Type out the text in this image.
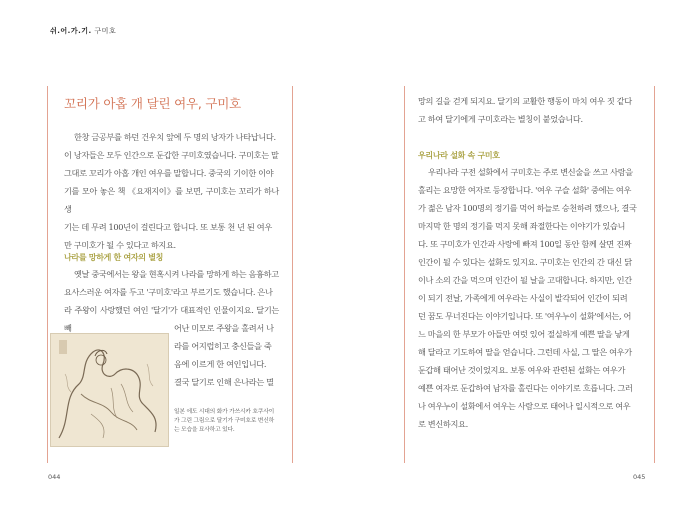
쉬.어.가.기. 구미호
꼬리가 아홉 개 달린 여우, 구미호

한창 금공부를 하던 건우치 앞에 두 명의 낭자가 나타납니다.

이 낭자들은 모두 인간으로 둔갑한 구미호였습니다. 구미호는 말

그대로 꼬리가 아홉 개인 여우를 말합니다. 중국의 기이한 이야

기를 모아 놓은 책 《요재지이》를 보면, 구미호는 꼬리가 하나 생

기는 데 무려 100년이 걸린다고 합니다. 또 보통 천 년 된 여우

만 구미호가 될 수 있다고 하지요.

나라를 망하게 한 여자의 별칭

옛날 중국에서는 왕을 현혹시켜 나라를 망하게 하는 음흉하고

요사스러운 여자를 두고 '구미호'라고 부르기도 했습니다. 은나

라 주왕이 사랑했던 여인 '달기'가 대표적인 인물이지요. 달기는 빼	어난 미모로 주왕을 홀려서 나

라를 어지럽히고 충신들을 죽

음에 이르게 한 여인입니다.

결국 달기로 인해 은나라는 멸

일본 에도 시대의 화가 가쓰시카 호쿠사이가 그린 그림으로 달기가 구미호로 변신하는 모습을 묘사하고 있다.
044

망의 길을 걷게 되지요. 달기의 교활한 행동이 마치 여우 짓 같다

고 하여 달기에게 구미호라는 별칭이 붙었습니다.

우리나라 설화 속 구미호

우리나라 구전 설화에서 구미호는 주로 변신술을 쓰고 사람을

홀리는 요망한 여자로 등장합니다. '여우 구슬 설화' 중에는 여우

가 젊은 남자 100명의 정기를 먹어 하늘로 승천하려 했으나, 결국

마지막 한 명의 정기를 먹지 못해 좌절한다는 이야기가 있습니

다. 또 구미호가 인간과 사랑에 빠져 100일 동안 함께 살면 진짜

인간이 될 수 있다는 설화도 있지요. 구미호는 인간의 간 대신 닭

이나 소의 간을 먹으며 인간이 될 날을 고대합니다. 하지만, 인간

이 되기 전날, 가족에게 여우라는 사실이 발각되어 인간이 되려

던 꿈도 무너진다는 이야기입니다. 또 '여우누이 설화'에서는, 어

느 마을의 한 부모가 아들만 여럿 있어 절실하게 예쁜 딸을 낳게

해 달라고 기도하여 딸을 얻습니다. 그런데 사실, 그 딸은 여우가

둔갑해 태어난 것이었지요. 보통 여우와 관련된 설화는 여우가

예쁜 여자로 둔갑하여 남자를 홀린다는 이야기로 흐릅니다. 그러

나 여우누이 설화에서 여우는 사람으로 태어나 일시적으로 여우

로 변신하지요.

045
